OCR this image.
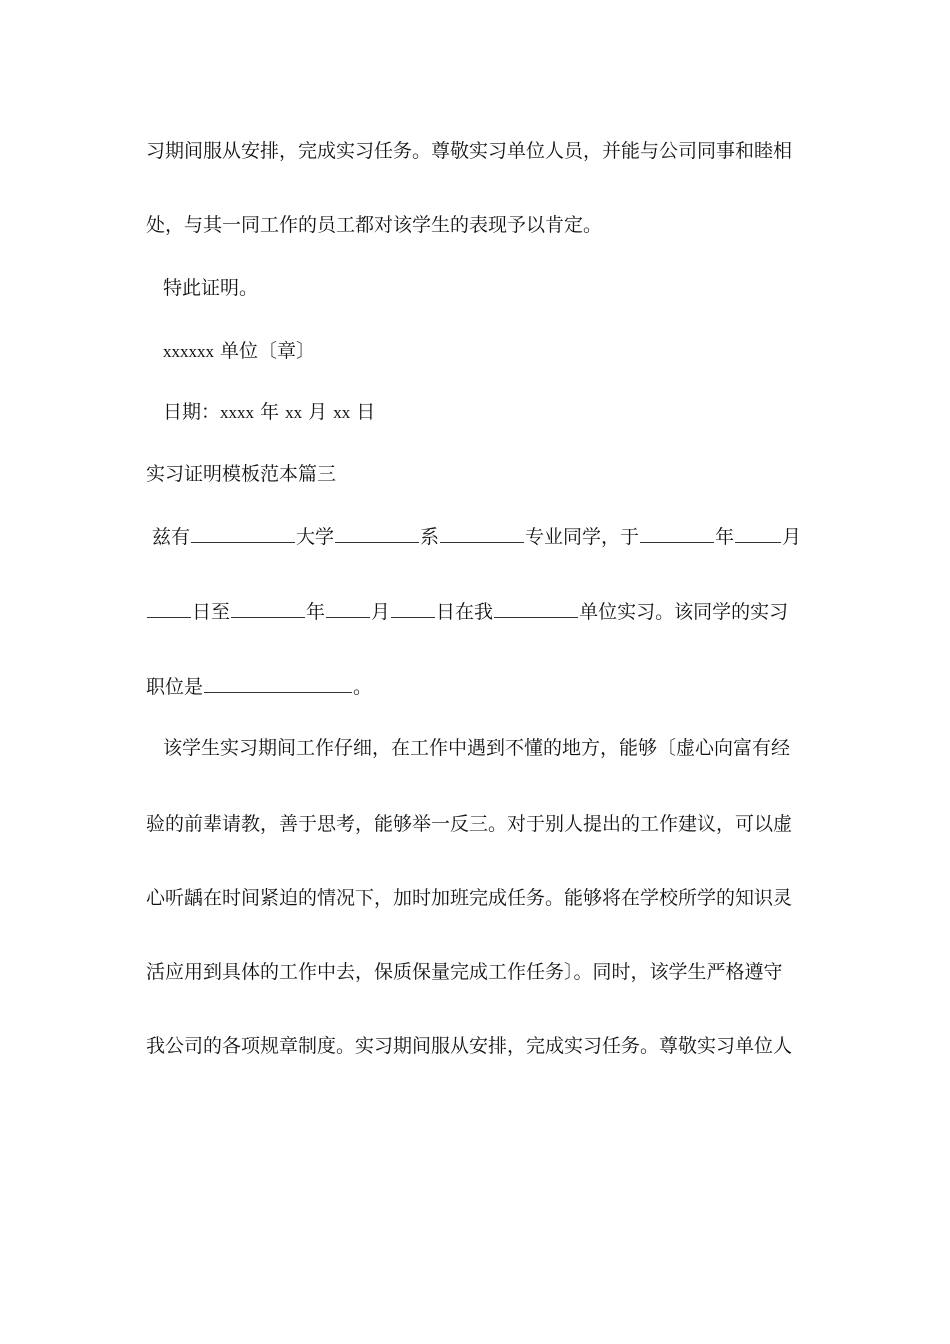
习期间服从安排，完成实习任务。尊敬实习单位人员，并能与公司同事和睦相
处，与其一同工作的员工都对该学生的表现予以肯定。
特此证明。
xxxxxx 单位〔章〕
日期：xxxx 年 xx 月 xx 日
实习证明模板范本篇三
兹有	大学	系	专业同学，于	年	月
日至	年 月 日在我	单位实习。该同学的实习
职位是	。
该学生实习期间工作仔细，在工作中遇到不懂的地方，能够〔虚心向富有经
验的前辈请教，善于思考，能够举一反三。对于别人提出的工作建议，可以虚
心听龋在时间紧迫的情况下，加时加班完成任务。能够将在学校所学的知识灵
活应用到具体的工作中去，保质保量完成工作任务〕。同时，该学生严格遵守
我公司的各项规章制度。实习期间服从安排，完成实习任务。尊敬实习单位人
